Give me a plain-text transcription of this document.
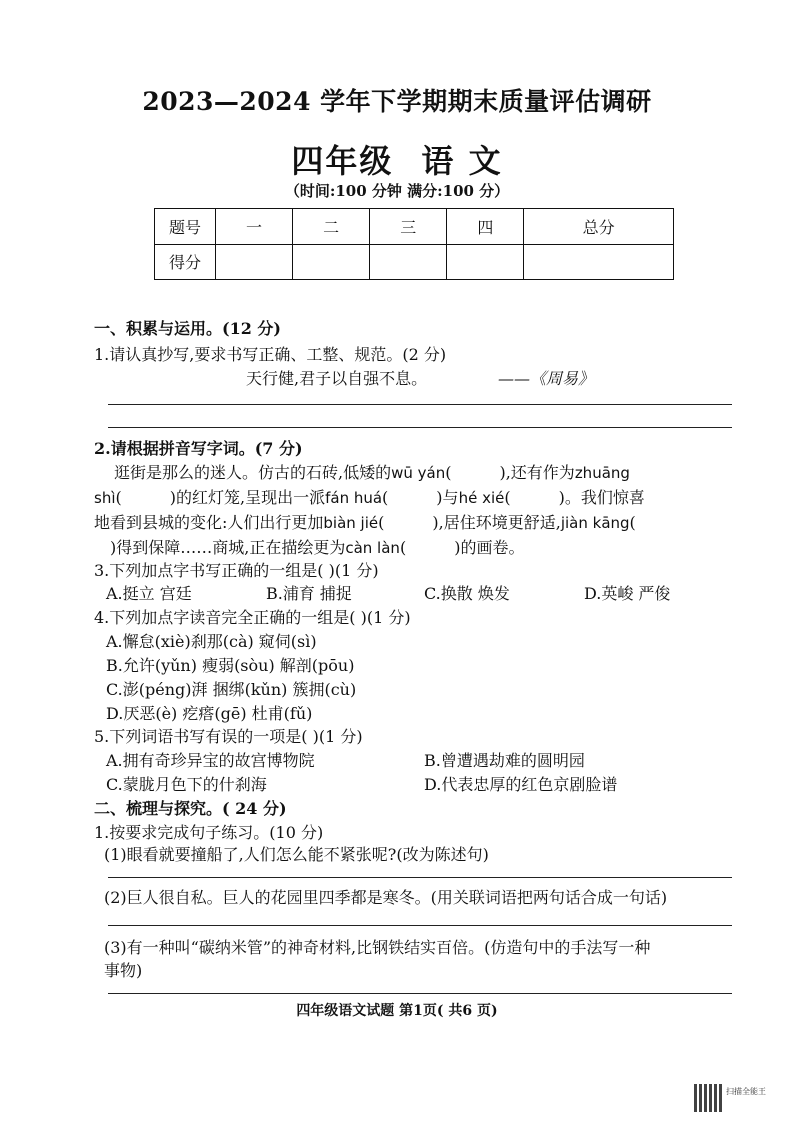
2023—2024 学年下学期期末质量评估调研
四年级 语 文
（时间:100 分钟 满分:100 分）
题号	一	二	三	四	总分
得分					
一、积累与运用。(12 分)
1.请认真抄写,要求书写正确、工整、规范。(2 分)
天行健,君子以自强不息。	——《周易》
2.请根据拼音写字词。(7 分)
逛街是那么的迷人。仿古的石砖,低矮的wū yán(	),还有作为zhuāng
shì(	)的红灯笼,呈现出一派fán huá(	)与hé xié(	)。我们惊喜
地看到县城的变化:人们出行更加biàn jié(	),居住环境更舒适,jiàn kāng(
)得到保障……商城,正在描绘更为càn làn(	)的画卷。
3.下列加点字书写正确的一组是( )(1 分)
A.挺立 宫廷	B.浦育 捕捉	C.换散 焕发	D.英峻 严俊
4.下列加点字读音完全正确的一组是( )(1 分)
A.懈怠(xiè)刹那(cà) 窥伺(sì)
B.允许(yǔn) 瘦弱(sòu) 解剖(pōu)
C.澎(péng)湃 捆绑(kǔn) 簇拥(cù)
D.厌恶(è) 疙瘩(gē) 杜甫(fǔ)
5.下列词语书写有误的一项是( )(1 分)
A.拥有奇珍异宝的故宫博物院	B.曾遭遇劫难的圆明园
C.蒙胧月色下的什刹海	D.代表忠厚的红色京剧脸谱
二、梳理与探究。( 24 分)
1.按要求完成句子练习。(10 分)
(1)眼看就要撞船了,人们怎么能不紧张呢?(改为陈述句)
(2)巨人很自私。巨人的花园里四季都是寒冬。(用关联词语把两句话合成一句话)
(3)有一种叫“碳纳米管”的神奇材料,比钢铁结实百倍。(仿造句中的手法写一种
事物)
四年级语文试题 第1页( 共6 页)
扫描全能王
